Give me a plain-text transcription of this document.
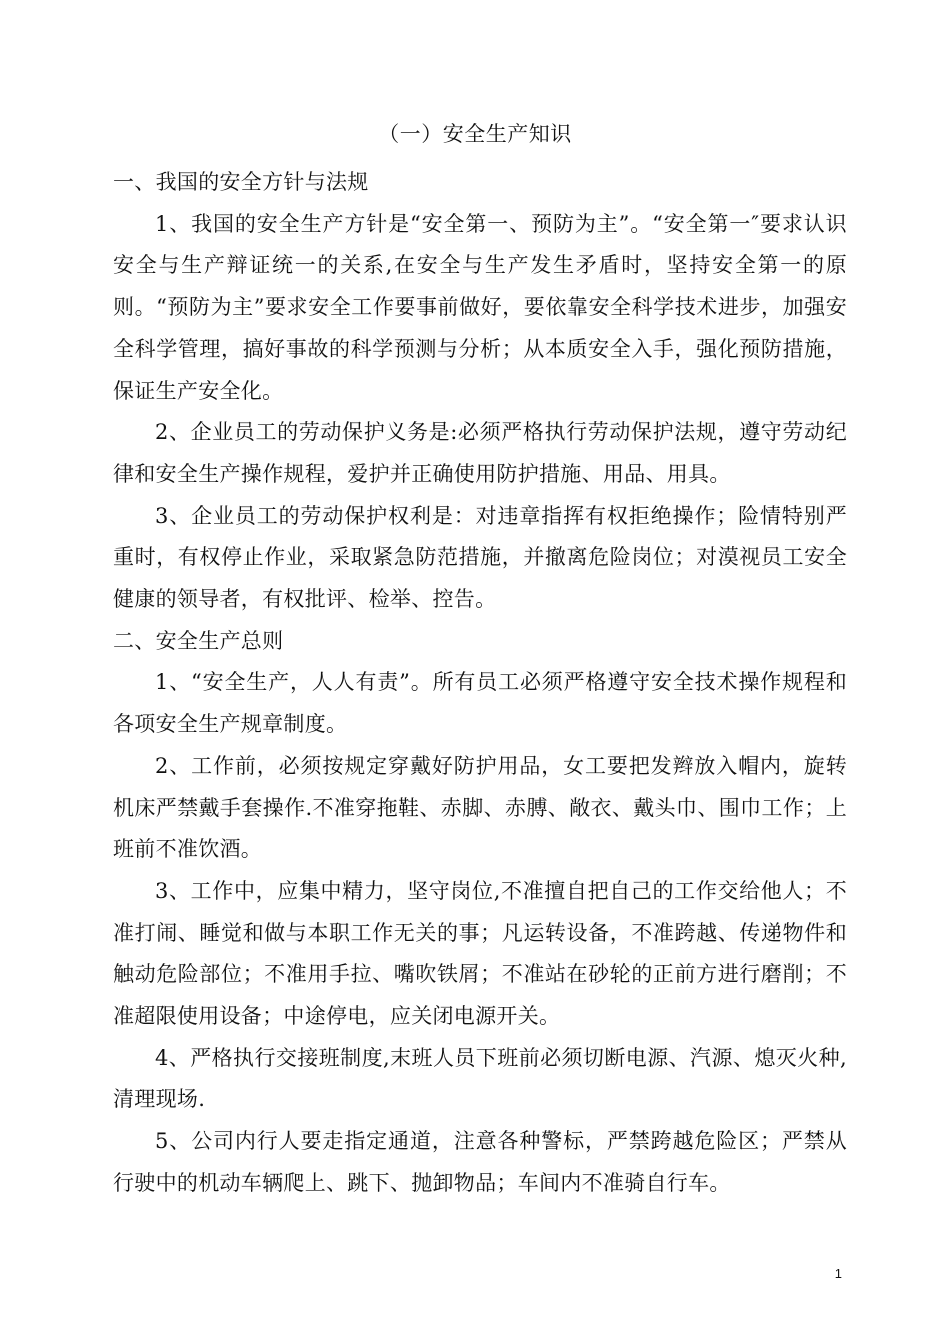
（一）安全生产知识

一、我国的安全方针与法规

1、我国的安全生产方针是“安全第一、预防为主”。“安全第一″要求认识安全与生产辩证统一的关系,在安全与生产发生矛盾时，坚持安全第一的原则。“预防为主”要求安全工作要事前做好，要依靠安全科学技术进步，加强安全科学管理，搞好事故的科学预测与分析；从本质安全入手，强化预防措施，保证生产安全化。

2、企业员工的劳动保护义务是:必须严格执行劳动保护法规，遵守劳动纪律和安全生产操作规程，爱护并正确使用防护措施、用品、用具。

3、企业员工的劳动保护权利是：对违章指挥有权拒绝操作；险情特别严重时，有权停止作业，采取紧急防范措施，并撤离危险岗位；对漠视员工安全健康的领导者，有权批评、检举、控告。

二、安全生产总则

1、“安全生产，人人有责”。所有员工必须严格遵守安全技术操作规程和各项安全生产规章制度。

2、工作前，必须按规定穿戴好防护用品，女工要把发辫放入帽内，旋转机床严禁戴手套操作.不准穿拖鞋、赤脚、赤膊、敞衣、戴头巾、围巾工作；上班前不准饮酒。

3、工作中，应集中精力，坚守岗位,不准擅自把自己的工作交给他人；不准打闹、睡觉和做与本职工作无关的事；凡运转设备，不准跨越、传递物件和触动危险部位；不准用手拉、嘴吹铁屑；不准站在砂轮的正前方进行磨削；不准超限使用设备；中途停电，应关闭电源开关。

4、严格执行交接班制度,末班人员下班前必须切断电源、汽源、熄灭火种,清理现场.

5、公司内行人要走指定通道，注意各种警标，严禁跨越危险区；严禁从行驶中的机动车辆爬上、跳下、抛卸物品；车间内不准骑自行车。

1
